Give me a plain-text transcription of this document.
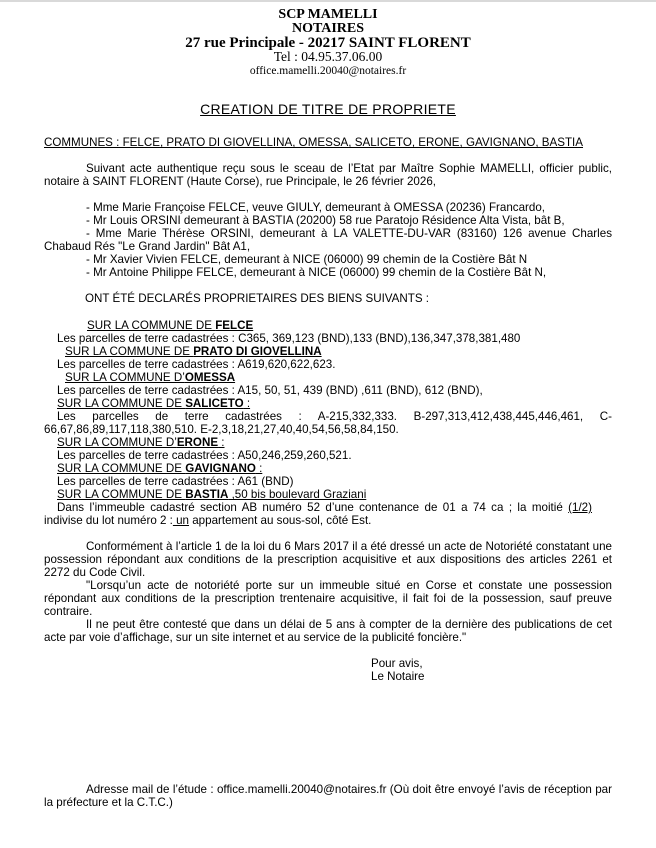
SCP MAMELLI
NOTAIRES
27 rue Principale - 20217 SAINT FLORENT
Tel : 04.95.37.06.00
office.mamelli.20040@notaires.fr
CREATION DE TITRE DE PROPRIETE
COMMUNES : FELCE, PRATO DI GIOVELLINA, OMESSA, SALICETO, ERONE, GAVIGNANO, BASTIA

Suivant acte authentique reçu sous le sceau de l’Etat par Maître Sophie MAMELLI, officier public, notaire à SAINT FLORENT (Haute Corse), rue Principale, le 26 février 2026,

- Mme Marie Françoise FELCE, veuve GIULY, demeurant à OMESSA (20236) Francardo,

- Mr Louis ORSINI demeurant à BASTIA (20200) 58 rue Paratojo Résidence Alta Vista, bât B,

- Mme Marie Thérèse ORSINI, demeurant à LA VALETTE-DU-VAR (83160) 126 avenue Charles Chabaud Rés "Le Grand Jardin" Bât A1,

- Mr Xavier Vivien FELCE, demeurant à NICE (06000) 99 chemin de la Costière Bât N

- Mr Antoine Philippe FELCE, demeurant à NICE (06000) 99 chemin de la Costière Bât N,

ONT ÉTÉ DECLARÉS PROPRIETAIRES DES BIENS SUIVANTS :

SUR LA COMMUNE DE FELCE

Les parcelles de terre cadastrées : C365, 369,123 (BND),133 (BND),136,347,378,381,480

SUR LA COMMUNE DE PRATO DI GIOVELLINA

Les parcelles de terre cadastrées : A619,620,622,623.

SUR LA COMMUNE D’OMESSA

Les parcelles de terre cadastrées : A15, 50, 51, 439 (BND) ,611 (BND), 612 (BND),

SUR LA COMMUNE DE SALICETO :

Les parcelles de terre cadastrées : A-215,332,333. B-297,313,412,438,445,446,461, C-66,67,86,89,117,118,380,510. E-2,3,18,21,27,40,40,54,56,58,84,150.

SUR LA COMMUNE D’ERONE :

Les parcelles de terre cadastrées : A50,246,259,260,521.

SUR LA COMMUNE DE GAVIGNANO :

Les parcelles de terre cadastrées : A61 (BND)

SUR LA COMMUNE DE BASTIA ,50 bis boulevard Graziani

Dans l’immeuble cadastré section AB numéro 52 d’une contenance de 01 a 74 ca ; la moitié (1/2) indivise du lot numéro 2 : un appartement au sous-sol, côté Est.

Conformément à l’article 1 de la loi du 6 Mars 2017 il a été dressé un acte de Notoriété constatant une possession répondant aux conditions de la prescription acquisitive et aux dispositions des articles 2261 et 2272 du Code Civil.

"Lorsqu’un acte de notoriété porte sur un immeuble situé en Corse et constate une possession répondant aux conditions de la prescription trentenaire acquisitive, il fait foi de la possession, sauf preuve contraire.

Il ne peut être contesté que dans un délai de 5 ans à compter de la dernière des publications de cet acte par voie d’affichage, sur un site internet et au service de la publicité foncière."

Pour avis,
Le Notaire

Adresse mail de l’étude : office.mamelli.20040@notaires.fr (Où doit être envoyé l’avis de réception par la préfecture et la C.T.C.)
